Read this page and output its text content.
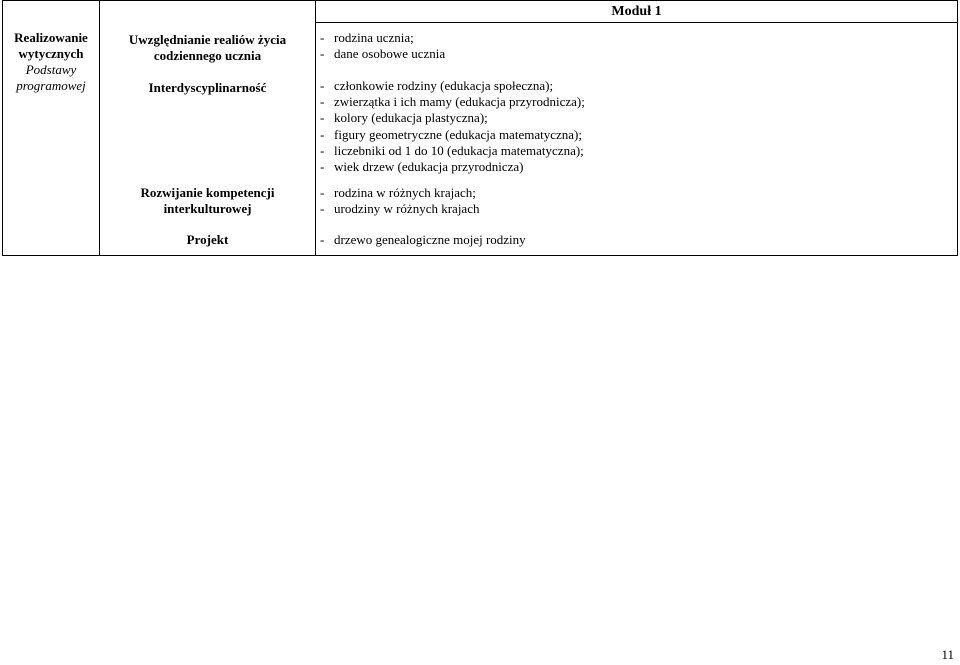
Moduł 1
Realizowanie
wytycznych
Podstawy
programowej
Uwzględnianie realiów życia codziennego ucznia
- rodzina ucznia;
- dane osobowe ucznia
Interdyscyplinarność	- członkowie rodziny (edukacja społeczna);
- zwierzątka i ich mamy (edukacja przyrodnicza);
- kolory (edukacja plastyczna);
- figury geometryczne (edukacja matematyczna);
- liczebniki od 1 do 10 (edukacja matematyczna);
- wiek drzew (edukacja przyrodnicza)
Rozwijanie kompetencji
interkulturowej
- rodzina w różnych krajach;
- urodziny w różnych krajach
Projekt	- drzewo genealogiczne mojej rodziny
11
